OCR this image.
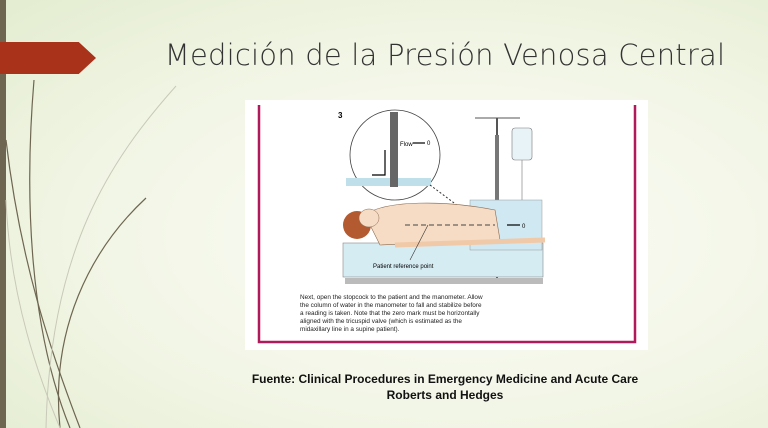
Medición de la Presión Venosa Central
3
Flow 0
0
Patient reference point
Next, open the stopcock to the patient and the manometer. Allow
the column of water in the manometer to fall and stabilize before
a reading is taken. Note that the zero mark must be horizontally
aligned with the tricuspid valve (which is estimated as the
midaxillary line in a supine patient).
Fuente: Clinical Procedures in Emergency Medicine and Acute Care
Roberts and Hedges
